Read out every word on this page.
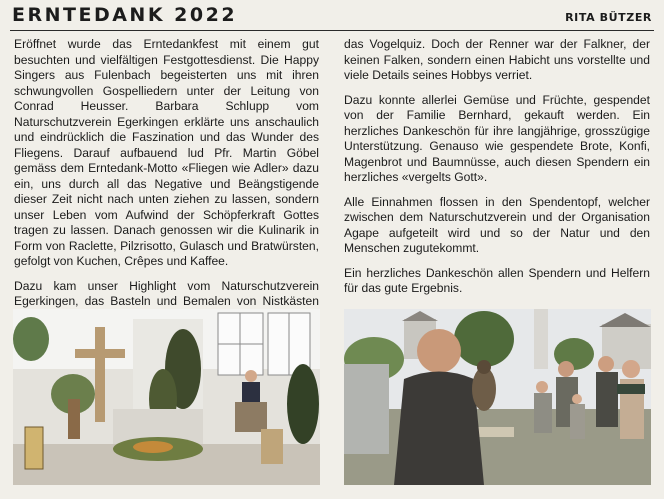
ERNTEDANK 2022	RITA BÜTZER

Eröffnet wurde das Erntedankfest mit einem gut besuchten und vielfältigen Festgottesdienst. Die Happy Singers aus Fulenbach begeisterten uns mit ihren schwungvollen Gospelliedern unter der Leitung von Conrad Heusser. Barbara Schlupp vom Naturschutzverein Egerkingen erklärte uns anschaulich und eindrücklich die Faszination und das Wunder des Fliegens. Darauf aufbauend lud Pfr. Martin Göbel gemäss dem Erntedank-Motto «Fliegen wie Adler» dazu ein, uns durch all das Negative und Beängstigende dieser Zeit nicht nach unten ziehen zu lassen, sondern unser Leben vom Aufwind der Schöpferkraft Gottes tragen zu lassen. Danach genossen wir die Kulinarik in Form von Raclette, Pilzrisotto, Gulasch und Bratwürsten, gefolgt von Kuchen, Crêpes und Kaffee.

Dazu kam unser Highlight vom Naturschutzverein Egerkingen, das Basteln und Bemalen von Nistkästen

das Vogelquiz. Doch der Renner war der Falkner, der keinen Falken, sondern einen Habicht uns vorstellte und viele Details seines Hobbys verriet.

Dazu konnte allerlei Gemüse und Früchte, gespendet von der Familie Bernhard, gekauft werden. Ein herzliches Dankeschön für ihre langjährige, grosszügige Unterstützung. Genauso wie gespendete Brote, Konfi, Magenbrot und Baumnüsse, auch diesen Spendern ein herzliches «vergelts Gott».

Alle Einnahmen flossen in den Spendentopf, welcher zwischen dem Naturschutzverein und der Organisation Agape aufgeteilt wird und so der Natur und den Menschen zugutekommt.

Ein herzliches Dankeschön allen Spendern und Helfern für das gute Ergebnis.
